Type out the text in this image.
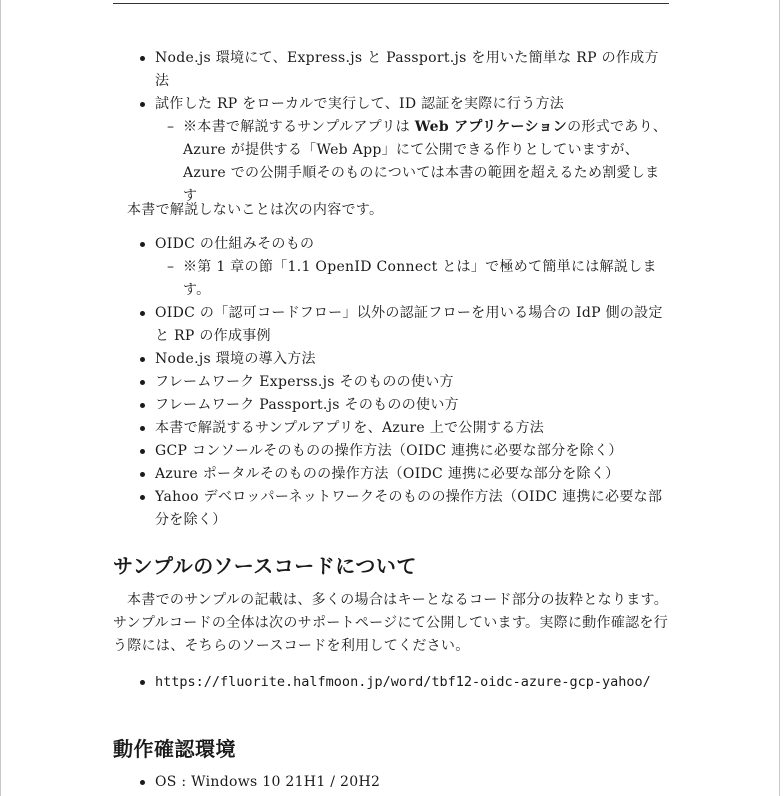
Node.js 環境にて、Express.js と Passport.js を用いた簡単な RP の作成方法
試作した RP をローカルで実行して、ID 認証を実際に行う方法
– ※本書で解説するサンプルアプリは Web アプリケーションの形式であり、Azure が提供する「Web App」にて公開できる作りとしていますが、Azure での公開手順そのものについては本書の範囲を超えるため割愛します

本書で解説しないことは次の内容です。

OIDC の仕組みそのもの
– ※第 1 章の節「1.1 OpenID Connect とは」で極めて簡単には解説します。
OIDC の「認可コードフロー」以外の認証フローを用いる場合の IdP 側の設定と RP の作成事例
Node.js 環境の導入方法
フレームワーク Experss.js そのものの使い方
フレームワーク Passport.js そのものの使い方
本書で解説するサンプルアプリを、Azure 上で公開する方法
GCP コンソールそのものの操作方法（OIDC 連携に必要な部分を除く）
Azure ポータルそのものの操作方法（OIDC 連携に必要な部分を除く）
Yahoo デベロッパーネットワークそのものの操作方法（OIDC 連携に必要な部分を除く）
サンプルのソースコードについて

本書でのサンプルの記載は、多くの場合はキーとなるコード部分の抜粋となります。サンプルコードの全体は次のサポートページにて公開しています。実際に動作確認を行う際には、そちらのソースコードを利用してください。

https://fluorite.halfmoon.jp/word/tbf12-oidc-azure-gcp-yahoo/
動作確認環境
OS : Windows 10 21H1 / 20H2
